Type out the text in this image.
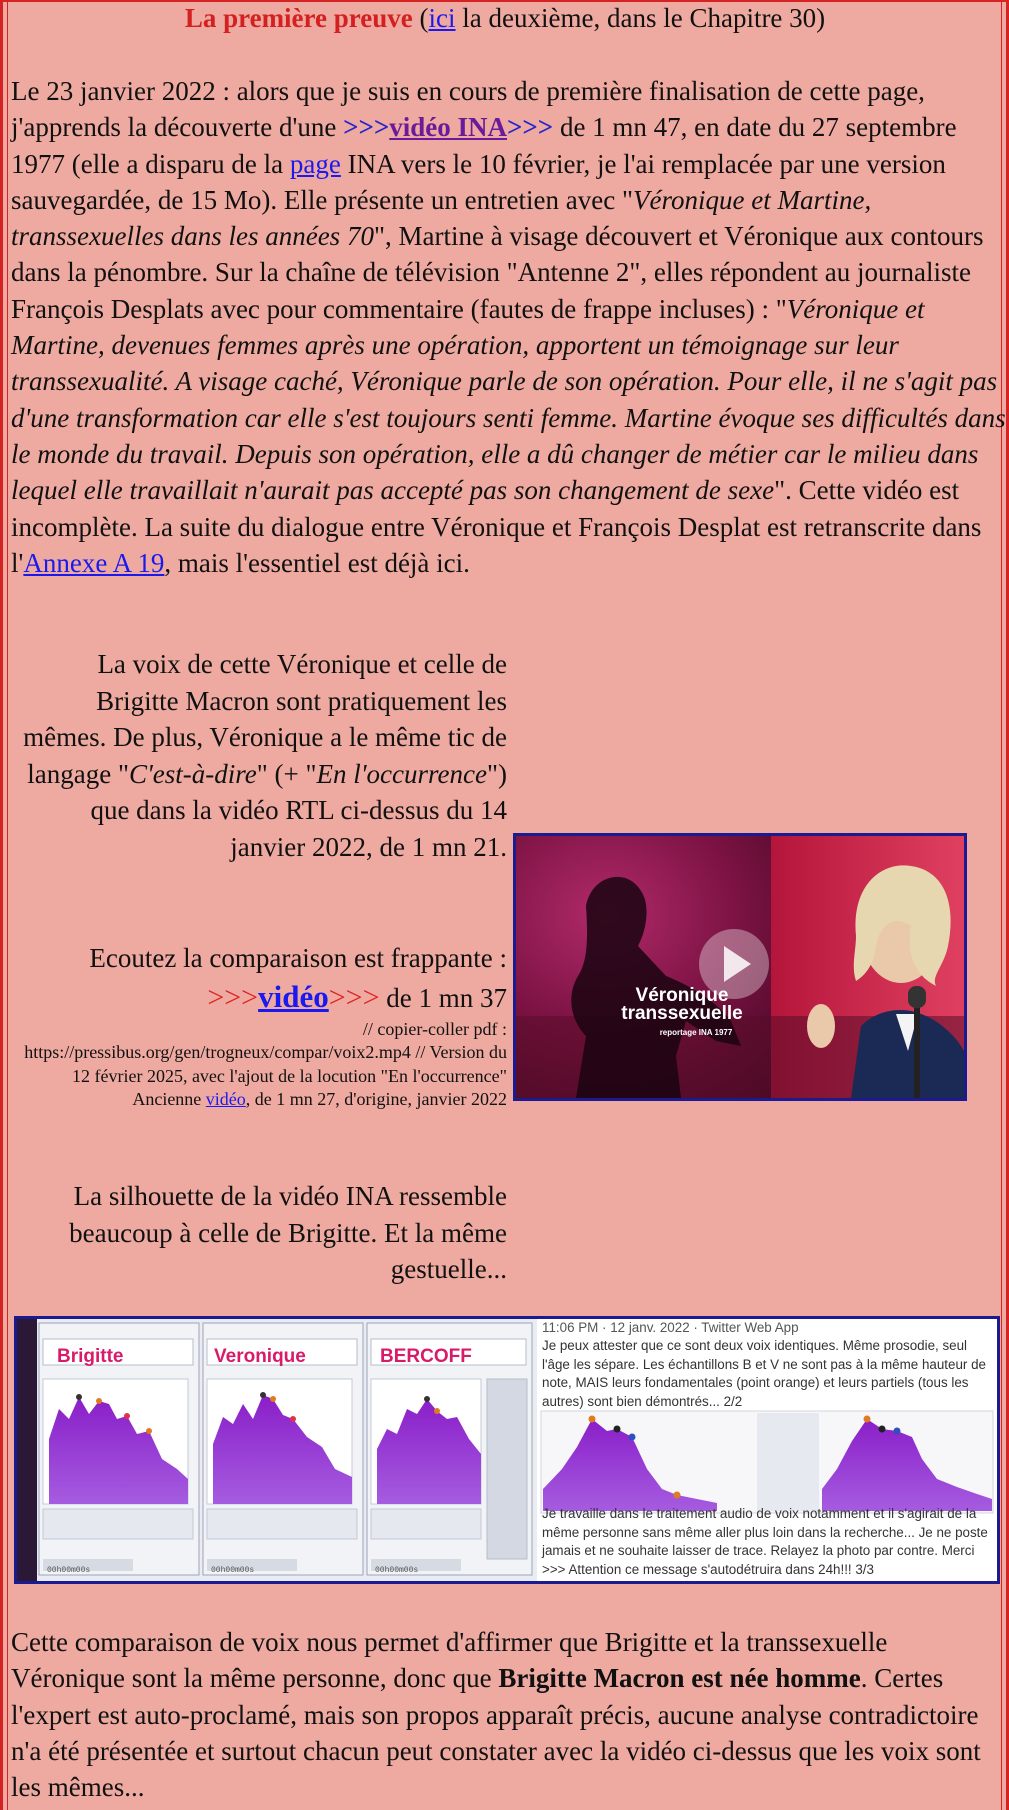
La première preuve (ici la deuxième, dans le Chapitre 30)
Le 23 janvier 2022 : alors que je suis en cours de première finalisation de cette page, j'apprends la découverte d'une >>>vidéo INA>>> de 1 mn 47, en date du 27 septembre 1977 (elle a disparu de la page INA vers le 10 février, je l'ai remplacée par une version sauvegardée, de 15 Mo). Elle présente un entretien avec "Véronique et Martine, transsexuelles dans les années 70", Martine à visage découvert et Véronique aux contours dans la pénombre. Sur la chaîne de télévision "Antenne 2", elles répondent au journaliste François Desplats avec pour commentaire (fautes de frappe incluses) : "Véronique et Martine, devenues femmes après une opération, apportent un témoignage sur leur transsexualité. A visage caché, Véronique parle de son opération. Pour elle, il ne s'agit pas d'une transformation car elle s'est toujours senti femme. Martine évoque ses difficultés dans le monde du travail. Depuis son opération, elle a dû changer de métier car le milieu dans lequel elle travaillait n'aurait pas accepté pas son changement de sexe". Cette vidéo est incomplète. La suite du dialogue entre Véronique et François Desplat est retranscrite dans l'Annexe A 19, mais l'essentiel est déjà ici.
La voix de cette Véronique et celle de Brigitte Macron sont pratiquement les mêmes. De plus, Véronique a le même tic de langage "C'est-à-dire" (+ "En l'occurrence") que dans la vidéo RTL ci-dessus du 14 janvier 2022, de 1 mn 21.
Ecoutez la comparaison est frappante :
>>>vidéo>>> de 1 mn 37
// copier-coller pdf : https://pressibus.org/gen/trogneux/compar/voix2.mp4 // Version du 12 février 2025, avec l'ajout de la locution "En l'occurrence"
Ancienne vidéo, de 1 mn 27, d'origine, janvier 2022
La silhouette de la vidéo INA ressemble beaucoup à celle de Brigitte. Et la même gestuelle...
Véronique
transsexuelle
reportage INA 1977
Brigitte	Veronique	BERCOFF
00h00m00s	00h00m00s	00h00m00s
11:06 PM · 12 janv. 2022 · Twitter Web App
Je peux attester que ce sont deux voix identiques. Même prosodie, seul l'âge les sépare. Les échantillons B et V ne sont pas à la même hauteur de note, MAIS leurs fondamentales (point orange) et leurs partiels (tous les autres) sont bien démontrés... 2/2
Je travaille dans le traitement audio de voix notamment et il s'agirait de la même personne sans même aller plus loin dans la recherche... Je ne poste jamais et ne souhaite laisser de trace. Relayez la photo par contre. Merci >>> Attention ce message s'autodétruira dans 24h!!! 3/3
Cette comparaison de voix nous permet d'affirmer que Brigitte et la transsexuelle Véronique sont la même personne, donc que Brigitte Macron est née homme. Certes l'expert est auto-proclamé, mais son propos apparaît précis, aucune analyse contradictoire n'a été présentée et surtout chacun peut constater avec la vidéo ci-dessus que les voix sont les mêmes...
